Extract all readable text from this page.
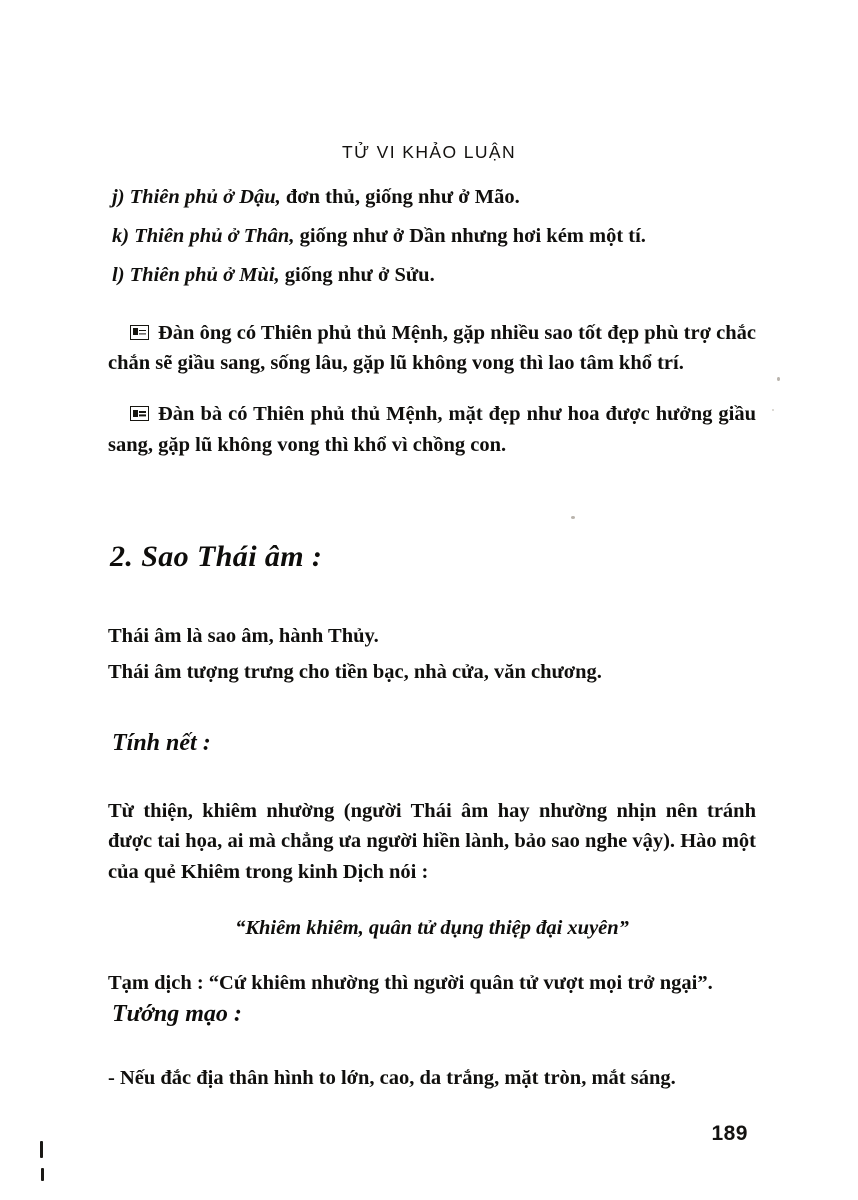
TỬ VI KHẢO LUẬN
j) Thiên phủ ở Dậu, đơn thủ, giống như ở Mão.
k) Thiên phủ ở Thân, giống như ở Dần nhưng hơi kém một tí.
l) Thiên phủ ở Mùi, giống như ở Sửu.

Đàn ông có Thiên phủ thủ Mệnh, gặp nhiều sao tốt đẹp phù trợ chắc chắn sẽ giầu sang, sống lâu, gặp lũ không vong thì lao tâm khổ trí.

Đàn bà có Thiên phủ thủ Mệnh, mặt đẹp như hoa được hưởng giầu sang, gặp lũ không vong thì khổ vì chồng con.

2. Sao Thái âm :
Thái âm là sao âm, hành Thủy.
Thái âm tượng trưng cho tiền bạc, nhà cửa, văn chương.
Tính nết :

Từ thiện, khiêm nhường (người Thái âm hay nhường nhịn nên tránh được tai họa, ai mà chẳng ưa người hiền lành, bảo sao nghe vậy). Hào một của quẻ Khiêm trong kinh Dịch nói :

“Khiêm khiêm, quân tử dụng thiệp đại xuyên”

Tạm dịch : “Cứ khiêm nhường thì người quân tử vượt mọi trở ngại”.

Tướng mạo :

- Nếu đắc địa thân hình to lớn, cao, da trắng, mặt tròn, mắt sáng.

189
